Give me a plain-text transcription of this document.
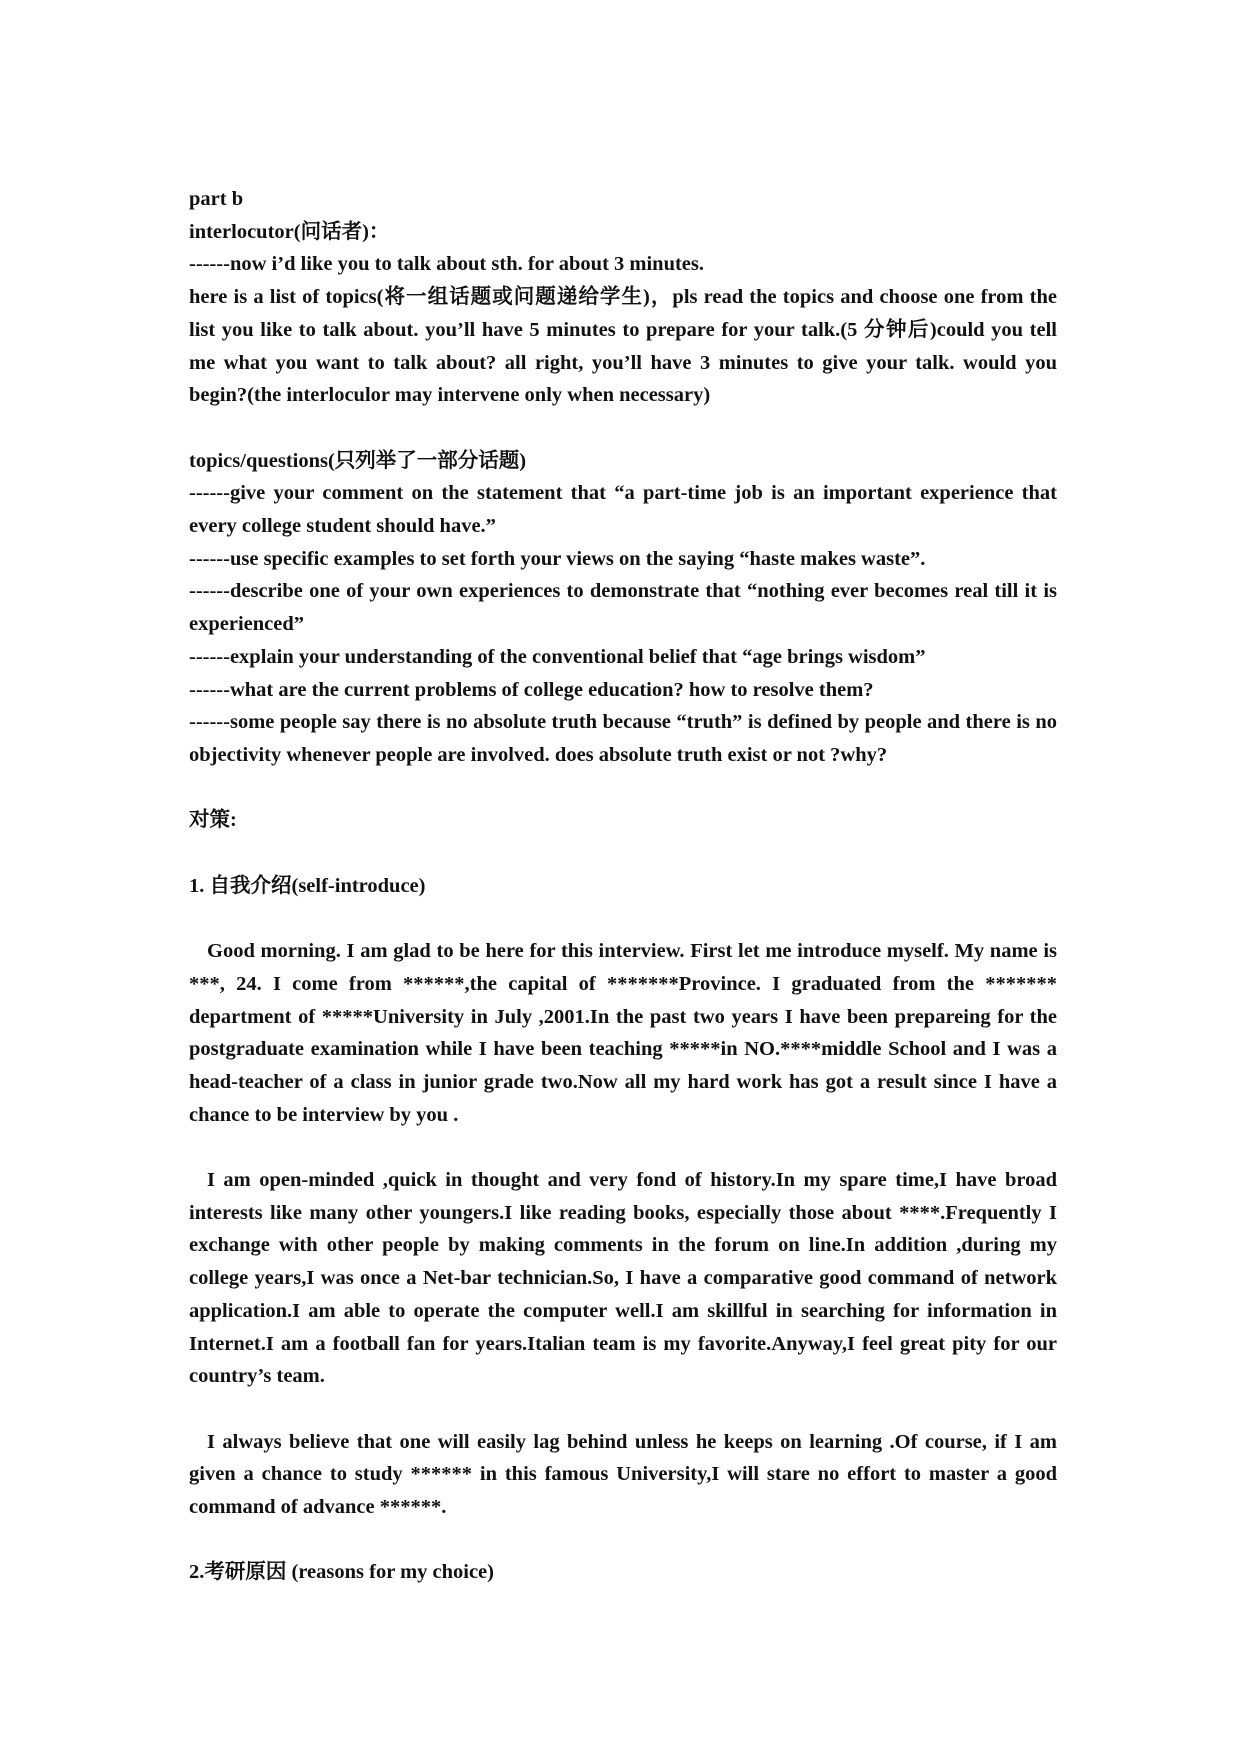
part b

interlocutor(问话者)：

------now i’d like you to talk about sth. for about 3 minutes.

here is a list of topics(将一组话题或问题递给学生)，pls read the topics and choose one from the list you like to talk about. you’ll have 5 minutes to prepare for your talk.(5 分钟后)could you tell me what you want to talk about? all right, you’ll have 3 minutes to give your talk. would you begin?(the interloculor may intervene only when necessary)

topics/questions(只列举了一部分话题)

------give your comment on the statement that “a part-time job is an important experience that every college student should have.”

------use specific examples to set forth your views on the saying “haste makes waste”.

------describe one of your own experiences to demonstrate that “nothing ever becomes real till it is experienced”

------explain your understanding of the conventional belief that “age brings wisdom”

------what are the current problems of college education? how to resolve them?

------some people say there is no absolute truth because “truth” is defined by people and there is no objectivity whenever people are involved. does absolute truth exist or not ?why?

对策:

1. 自我介绍(self-introduce)

Good morning. I am glad to be here for this interview. First let me introduce myself. My name is ***, 24. I come from ******,the capital of *******Province. I graduated from the ******* department of *****University in July ,2001.In the past two years I have been prepareing for the postgraduate examination while I have been teaching *****in NO.****middle School and I was a head-teacher of a class in junior grade two.Now all my hard work has got a result since I have a chance to be interview by you .

I am open-minded ,quick in thought and very fond of history.In my spare time,I have broad interests like many other youngers.I like reading books, especially those about ****.Frequently I exchange with other people by making comments in the forum on line.In addition ,during my college years,I was once a Net-bar technician.So, I have a comparative good command of network application.I am able to operate the computer well.I am skillful in searching for information in Internet.I am a football fan for years.Italian team is my favorite.Anyway,I feel great pity for our country’s team.

I always believe that one will easily lag behind unless he keeps on learning .Of course, if I am given a chance to study ****** in this famous University,I will stare no effort to master a good command of advance ******.

2.考研原因 (reasons for my choice)
